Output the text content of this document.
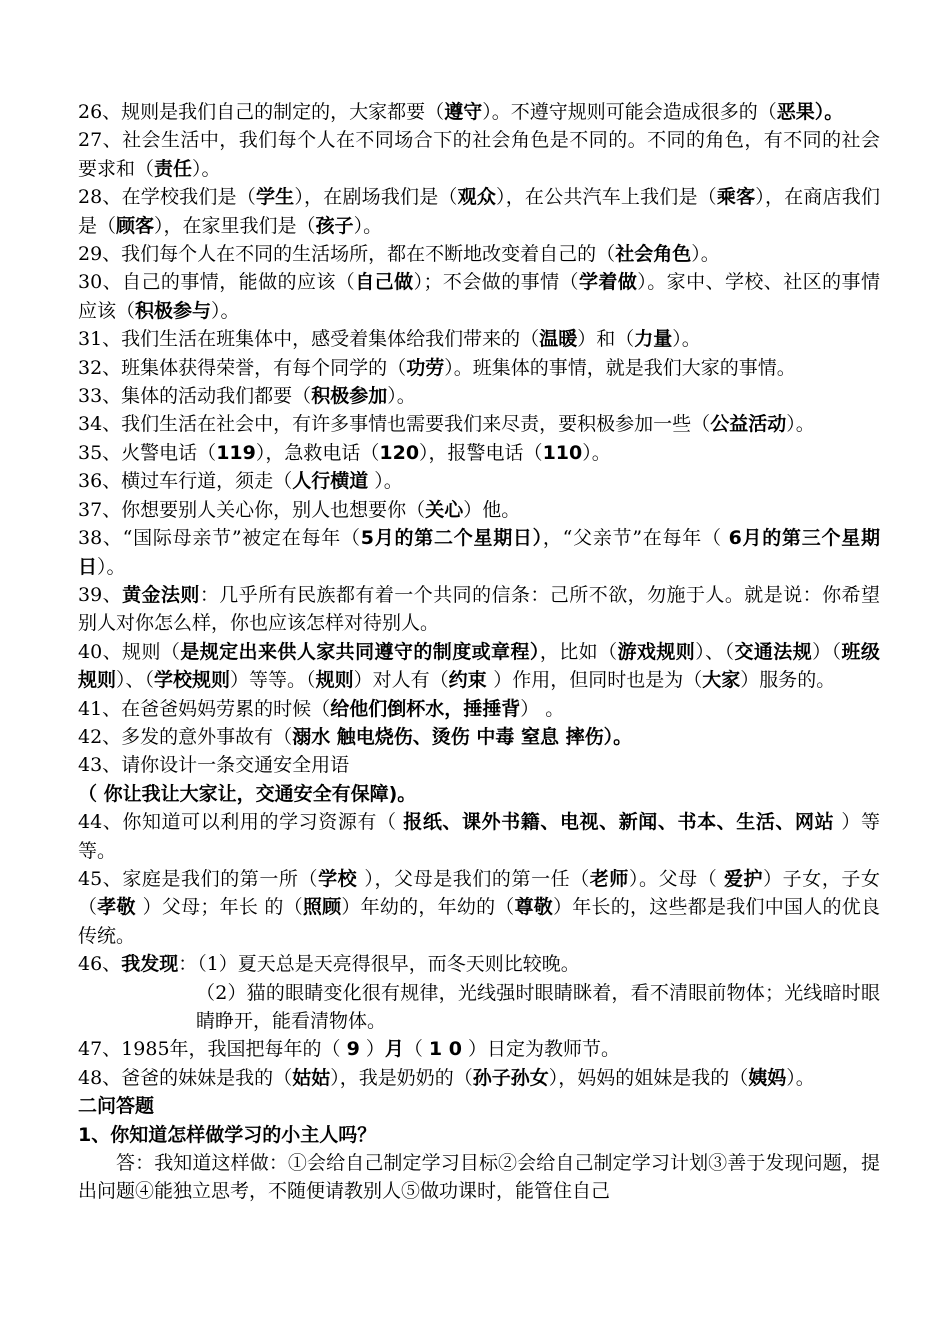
26、规则是我们自己的制定的，大家都要（遵守）。不遵守规则可能会造成很多的（恶果）。

27、社会生活中，我们每个人在不同场合下的社会角色是不同的。不同的角色，有不同的社会要求和（责任）。

28、在学校我们是（学生），在剧场我们是（观众），在公共汽车上我们是（乘客），在商店我们是（顾客），在家里我们是（孩子）。

29、我们每个人在不同的生活场所，都在不断地改变着自己的（社会角色）。

30、自己的事情，能做的应该（自己做）；不会做的事情（学着做）。家中、学校、社区的事情应该（积极参与）。

31、我们生活在班集体中，感受着集体给我们带来的（温暖）和（力量）。

32、班集体获得荣誉，有每个同学的（功劳）。班集体的事情，就是我们大家的事情。

33、集体的活动我们都要（积极参加）。

34、我们生活在社会中，有许多事情也需要我们来尽责，要积极参加一些（公益活动）。

35、火警电话（119），急救电话（120），报警电话（110）。

36、横过车行道，须走（人行横道 ）。

37、你想要别人关心你，别人也想要你（关心）他。

38、“国际母亲节”被定在每年（5月的第二个星期日），“父亲节”在每年（ 6月的第三个星期日）。

39、黄金法则：几乎所有民族都有着一个共同的信条：己所不欲，勿施于人。就是说：你希望别人对你怎么样，你也应该怎样对待别人。

40、规则（是规定出来供人家共同遵守的制度或章程），比如（游戏规则）、（交通法规）（班级规则）、（学校规则）等等。（规则）对人有（约束 ）作用，但同时也是为（大家）服务的。

41、在爸爸妈妈劳累的时候（给他们倒杯水，捶捶背） 。

42、多发的意外事故有（溺水 触电烧伤、烫伤 中毒 窒息 摔伤）。

43、请你设计一条交通安全用语

（ 你让我让大家让，交通安全有保障)。

44、你知道可以利用的学习资源有（ 报纸、课外书籍、电视、新闻、书本、生活、网站 ）等等。

45、家庭是我们的第一所（学校 ），父母是我们的第一任（老师）。父母（ 爱护）子女，子女（孝敬 ）父母；年长 的（照顾）年幼的，年幼的（尊敬）年长的，这些都是我们中国人的优良传统。

46、我发现：（1）夏天总是天亮得很早，而冬天则比较晚。

（2）猫的眼睛变化很有规律，光线强时眼睛眯着，看不清眼前物体；光线暗时眼睛睁开，能看清物体。

47、1985年，我国把每年的（ 9 ）月（ 1 0 ）日定为教师节。

48、爸爸的妹妹是我的（姑姑），我是奶奶的（孙子孙女），妈妈的姐妹是我的（姨妈）。

二问答题

1、你知道怎样做学习的小主人吗？

答：我知道这样做：①会给自己制定学习目标②会给自己制定学习计划③善于发现问题，提出问题④能独立思考，不随便请教别人⑤做功课时，能管住自己
